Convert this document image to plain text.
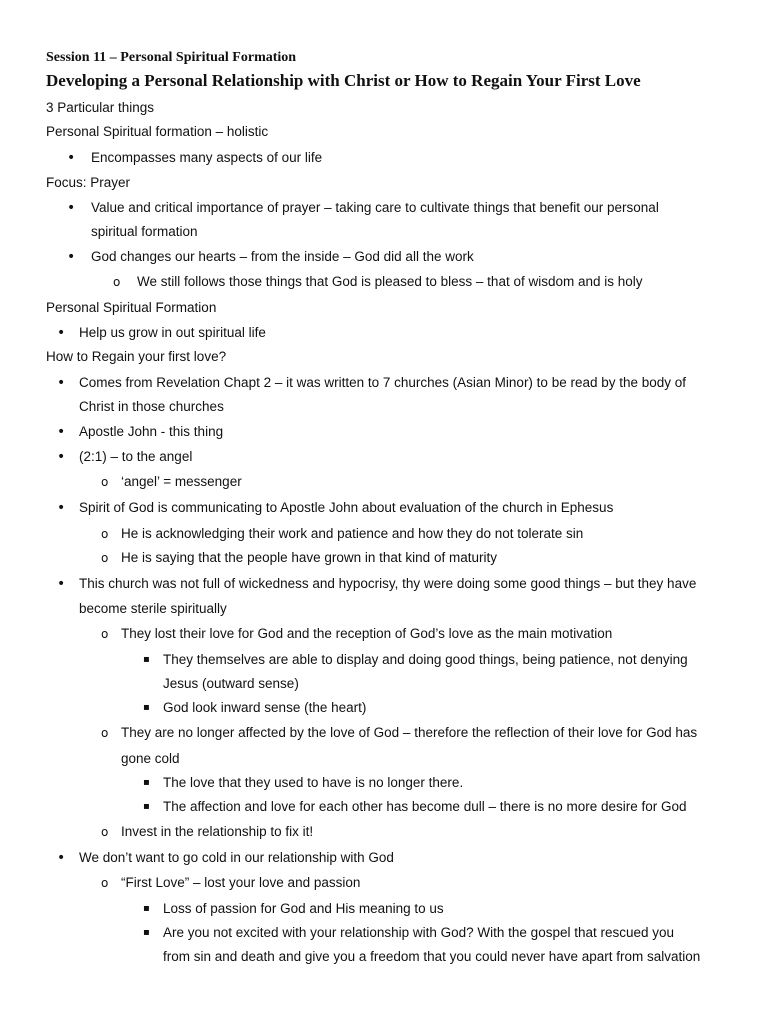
Session 11 – Personal Spiritual Formation
Developing a Personal Relationship with Christ or How to Regain Your First Love
3 Particular things
Personal Spiritual formation – holistic
• Encompasses many aspects of our life
Focus: Prayer
• Value and critical importance of prayer – taking care to cultivate things that benefit our personal
spiritual formation
• God changes our hearts – from the inside – God did all the work
o We still follows those things that God is pleased to bless – that of wisdom and is holy
Personal Spiritual Formation
• Help us grow in out spiritual life
How to Regain your first love?
• Comes from Revelation Chapt 2 – it was written to 7 churches (Asian Minor) to be read by the body of
Christ in those churches
• Apostle John - this thing
• (2:1) – to the angel
o ‘angel’ = messenger
• Spirit of God is communicating to Apostle John about evaluation of the church in Ephesus
o He is acknowledging their work and patience and how they do not tolerate sin
o He is saying that the people have grown in that kind of maturity
• This church was not full of wickedness and hypocrisy, thy were doing some good things – but they have
become sterile spiritually
o They lost their love for God and the reception of God’s love as the main motivation
▪ They themselves are able to display and doing good things, being patience, not denying
Jesus (outward sense)
▪ God look inward sense (the heart)
o They are no longer affected by the love of God – therefore the reflection of their love for God has
gone cold
▪ The love that they used to have is no longer there.
▪ The affection and love for each other has become dull – there is no more desire for God
o Invest in the relationship to fix it!
• We don’t want to go cold in our relationship with God
o “First Love” – lost your love and passion
▪ Loss of passion for God and His meaning to us
▪ Are you not excited with your relationship with God? With the gospel that rescued you
from sin and death and give you a freedom that you could never have apart from salvation
